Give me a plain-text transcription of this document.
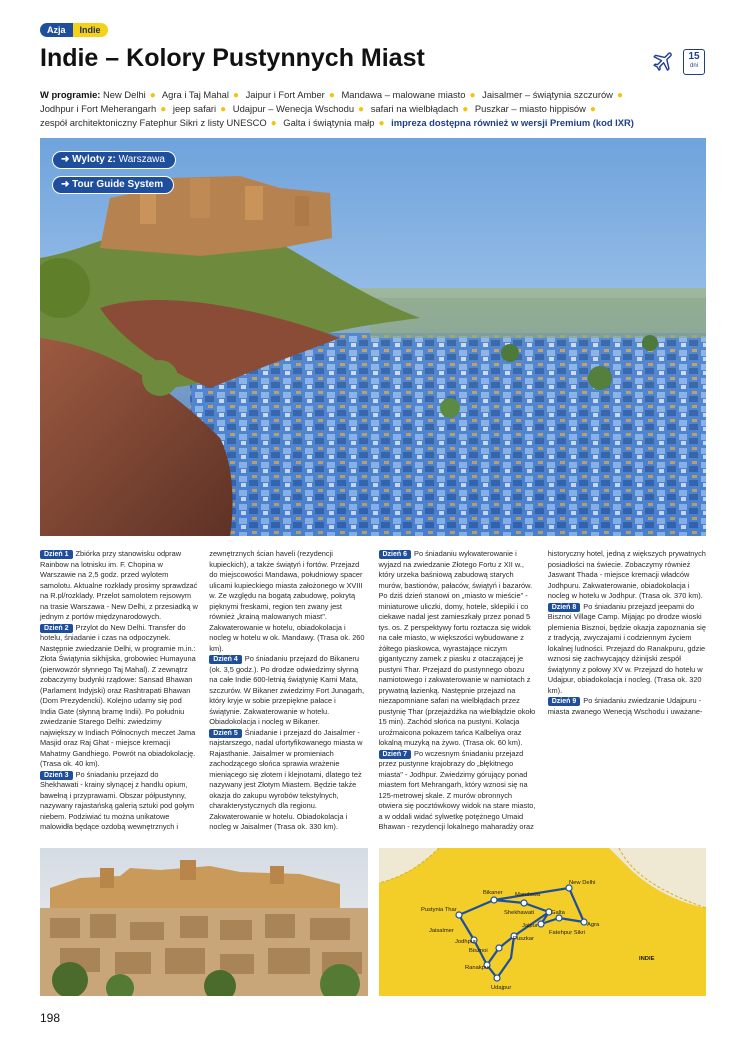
Azja	Indie
Indie – Kolory Pustynnych Miast	15
dni
W programie: New Delhi ● Agra i Taj Mahal ● Jaipur i Fort Amber ● Mandawa – malowane miasto ● Jaisalmer – świątynia szczurów ● Jodhpur i Fort Meherangarh ● jeep safari ● Udajpur – Wenecja Wschodu ● safari na wielbłądach ● Puszkar – miasto hippisów ● zespół architektoniczny Fatephur Sikri z listy UNESCO ● Galta i świątynia małp ● impreza dostępna również w wersji Premium (kod IXR)
➜ Wyloty z: Warszawa
➜ Tour Guide System

Dzień 1 Zbiórka przy stanowisku odpraw Rainbow na lotnisku im. F. Chopina w Warszawie na 2,5 godz. przed wylotem samolotu. Aktualne rozkłady prosimy sprawdzać na R.pl/rozklady. Przelot samolotem rejsowym na trasie Warszawa - New Delhi, z przesiadką w jednym z portów międzynarodowych.

Dzień 2 Przylot do New Delhi. Transfer do hotelu, śniadanie i czas na odpoczynek. Następnie zwiedzanie Delhi, w programie m.in.: Złota Świątynia sikhijska, grobowiec Humayuna (pierwowzór słynnego Taj Mahal). Z zewnątrz zobaczymy budynki rządowe: Sansad Bhawan (Parlament Indyjski) oraz Rashtrapati Bhawan (Dom Prezydencki). Kolejno udamy się pod India Gate (słynną bramę Indii). Po południu zwiedzanie Starego Delhi: zwiedzimy największy w Indiach Północnych meczet Jama Masjid oraz Raj Ghat - miejsce kremacji Mahatmy Gandhiego. Powrót na obiadokolację. (Trasa ok. 40 km).

Dzień 3 Po śniadaniu przejazd do Shekhawati - krainy słynącej z handlu opium, bawełną i przyprawami. Obszar półpustynny, nazywany rajastańską galerią sztuki pod gołym niebem. Podziwiać tu można unikatowe malowidła będące ozdobą wewnętrznych i zewnętrznych ścian haveli (rezydencji kupieckich), a także świątyń i fortów. Przejazd do miejscowości Mandawa, południowy spacer ulicami kupieckiego miasta założonego w XVIII w. Ze względu na bogatą zabudowę, pokrytą pięknymi freskami, region ten zwany jest również „krainą malowanych miast". Zakwaterowanie w hotelu, obiadokolacja i nocleg w hotelu w ok. Mandawy. (Trasa ok. 260 km).

Dzień 4 Po śniadaniu przejazd do Bikaneru (ok. 3,5 godz.). Po drodze odwiedzimy słynną na całe Indie 600-letnią świątynię Karni Mata, szczurów. W Bikaner zwiedzimy Fort Junagarh, który kryje w sobie przepiękne pałace i świątynie. Zakwaterowanie w hotelu. Obiadokolacja i nocleg w Bikaner.

Dzień 5 Śniadanie i przejazd do Jaisalmer - najstarszego, nadal ufortyfikowanego miasta w Rajasthanie. Jaisalmer w promieniach zachodzącego słońca sprawia wrażenie mieniącego się złotem i klejnotami, dlatego też nazywany jest Złotym Miastem. Będzie także okazja do zakupu wyrobów tekstylnych, charakterystycznych dla regionu. Zakwaterowanie w hotelu. Obiadokolacja i nocleg w Jaisalmer (Trasa ok. 330 km).

Dzień 6 Po śniadaniu wykwaterowanie i wyjazd na zwiedzanie Złotego Fortu z XII w., który urzeka baśniową zabudową starych murów, bastionów, pałaców, świątyń i bazarów. Po dziś dzień stanowi on „miasto w mieście" - miniaturowe uliczki, domy, hotele, sklepiki i co ciekawe nadal jest zamieszkały przez ponad 5 tys. os. Z perspektywy fortu roztacza się widok na całe miasto, w większości wybudowane z żółtego piaskowca, wyrastające niczym gigantyczny zamek z piasku z otaczającej je pustyni Thar. Przejazd do pustynnego obozu namiotowego i zakwaterowanie w namiotach z prywatną łazienką. Następnie przejazd na niezapomniane safari na wielbłądach przez pustynię Thar (przejażdżka na wielbłądzie około 15 min). Zachód słońca na pustyni. Kolacja uroźmaicona pokazem tańca Kalbeliya oraz lokalną muzyką na żywo. (Trasa ok. 60 km).

Dzień 7 Po wczesnym śniadaniu przejazd przez pustynne krajobrazy do „błękitnego miasta" - Jodhpur. Zwiedzimy górujący ponad miastem fort Mehrangarh, który wznosi się na 125-metrowej skale. Z murów obronnych otwiera się pocztówkowy widok na stare miasto, a w oddali widać sylwetkę potężnego Umaid Bhawan - rezydencji lokalnego maharadży oraz historyczny hotel, jedną z większych prywatnych posiadłości na świecie. Zobaczymy również Jaswant Thada - miejsce kremacji władców Jodhpuru. Zakwaterowanie, obiadokolacja i nocleg w hotelu w Jodhpur. (Trasa ok. 370 km).

Dzień 8 Po śniadaniu przejazd jeepami do Bisznoi Village Camp. Mijając po drodze wioski plemienia Bisznoi, będzie okazja zapoznania się z tradycją, zwyczajami i codziennym życiem lokalnej ludności. Przejazd do Ranakpuru, gdzie wznosi się zachwycający dżinijski zespół świątynny z połowy XV w. Przejazd do hotelu w Udajpur, obiadokolacja i nocleg. (Trasa ok. 320 km).

Dzień 9 Po śniadaniu zwiedzanie Udajpuru - miasta zwanego Wenecją Wschodu i uważane-

New Delhi
Bikaner Mandawa
Pustynia Thar	Shekhawati	Galta
Jaipur	Agra
Fatehpur Sikri
Jaisalmer
Jodhpur
Bisznoi
Puszkar
Ranakpur
Udajpur
INDIE
198
